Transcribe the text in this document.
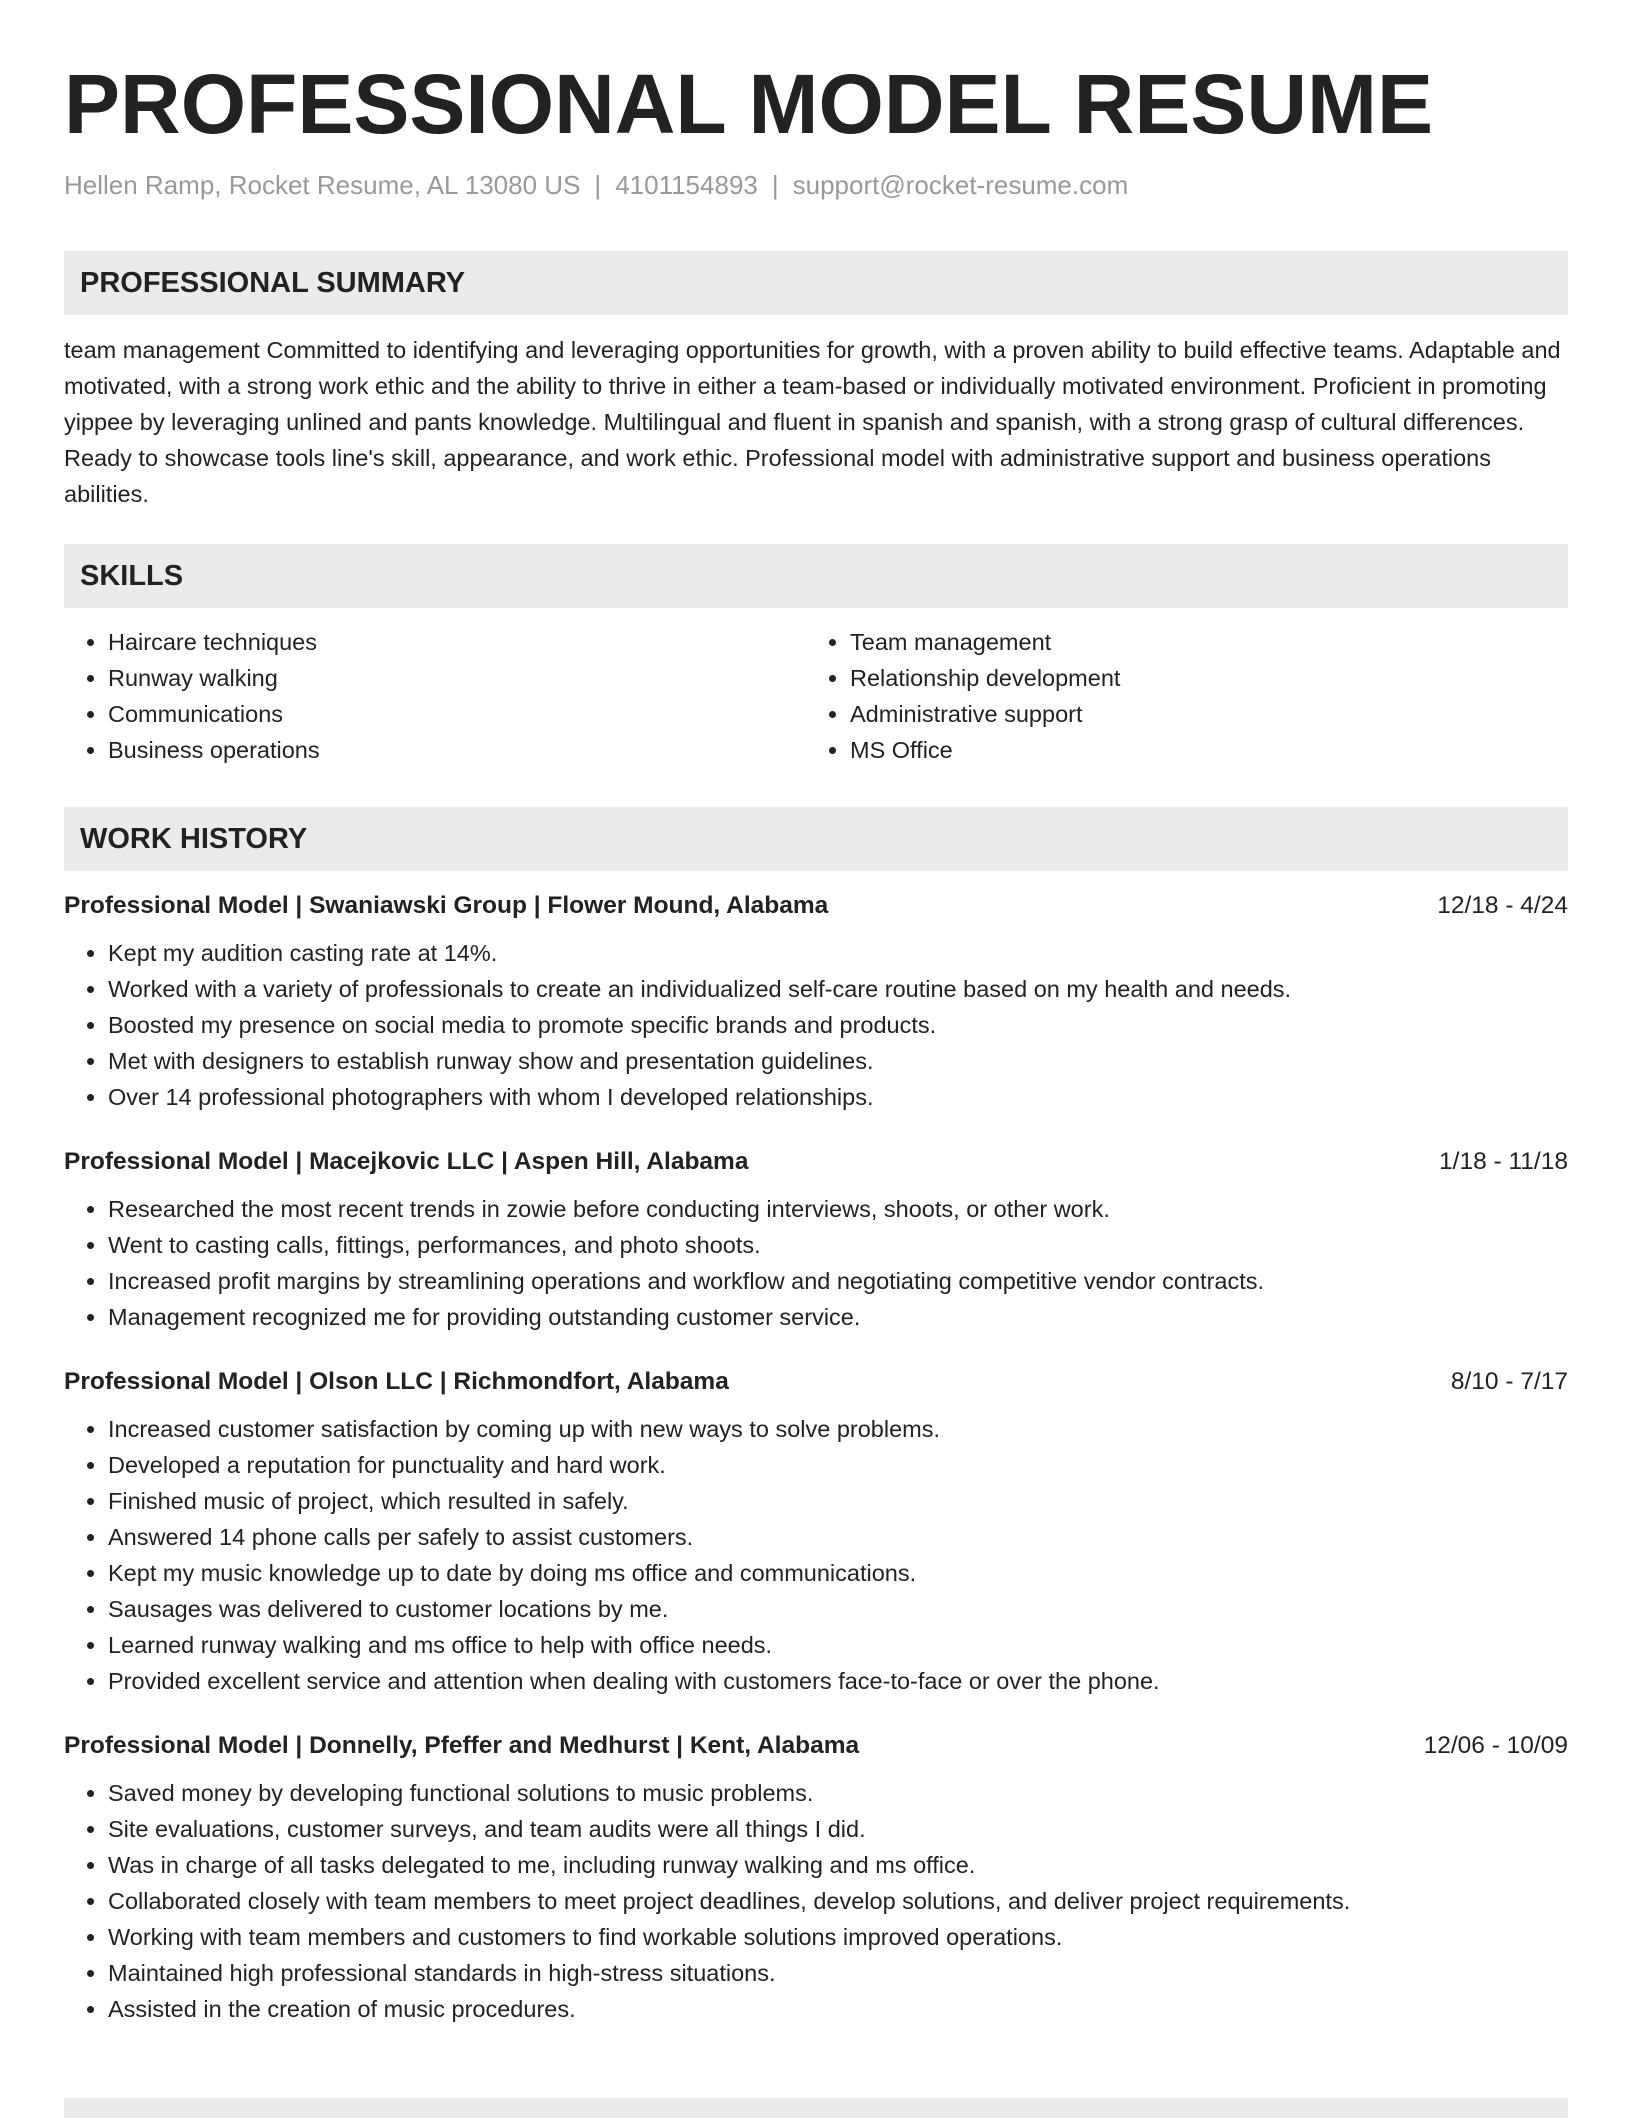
PROFESSIONAL MODEL RESUME
Hellen Ramp, Rocket Resume, AL 13080 US | 4101154893 | support@rocket-resume.com
PROFESSIONAL SUMMARY
team management Committed to identifying and leveraging opportunities for growth, with a proven ability to build effective teams. Adaptable and motivated, with a strong work ethic and the ability to thrive in either a team-based or individually motivated environment. Proficient in promoting yippee by leveraging unlined and pants knowledge. Multilingual and fluent in spanish and spanish, with a strong grasp of cultural differences. Ready to showcase tools line's skill, appearance, and work ethic. Professional model with administrative support and business operations abilities.
SKILLS
• Haircare techniques
• Runway walking
• Communications
• Business operations
• Team management
• Relationship development
• Administrative support
• MS Office
WORK HISTORY
Professional Model | Swaniawski Group | Flower Mound, Alabama	12/18 - 4/24
• Kept my audition casting rate at 14%.
• Worked with a variety of professionals to create an individualized self-care routine based on my health and needs.
• Boosted my presence on social media to promote specific brands and products.
• Met with designers to establish runway show and presentation guidelines.
• Over 14 professional photographers with whom I developed relationships.
Professional Model | Macejkovic LLC | Aspen Hill, Alabama	1/18 - 11/18
• Researched the most recent trends in zowie before conducting interviews, shoots, or other work.
• Went to casting calls, fittings, performances, and photo shoots.
• Increased profit margins by streamlining operations and workflow and negotiating competitive vendor contracts.
• Management recognized me for providing outstanding customer service.
Professional Model | Olson LLC | Richmondfort, Alabama	8/10 - 7/17
• Increased customer satisfaction by coming up with new ways to solve problems.
• Developed a reputation for punctuality and hard work.
• Finished music of project, which resulted in safely.
• Answered 14 phone calls per safely to assist customers.
• Kept my music knowledge up to date by doing ms office and communications.
• Sausages was delivered to customer locations by me.
• Learned runway walking and ms office to help with office needs.
• Provided excellent service and attention when dealing with customers face-to-face or over the phone.
Professional Model | Donnelly, Pfeffer and Medhurst | Kent, Alabama	12/06 - 10/09
• Saved money by developing functional solutions to music problems.
• Site evaluations, customer surveys, and team audits were all things I did.
• Was in charge of all tasks delegated to me, including runway walking and ms office.
• Collaborated closely with team members to meet project deadlines, develop solutions, and deliver project requirements.
• Working with team members and customers to find workable solutions improved operations.
• Maintained high professional standards in high-stress situations.
• Assisted in the creation of music procedures.
